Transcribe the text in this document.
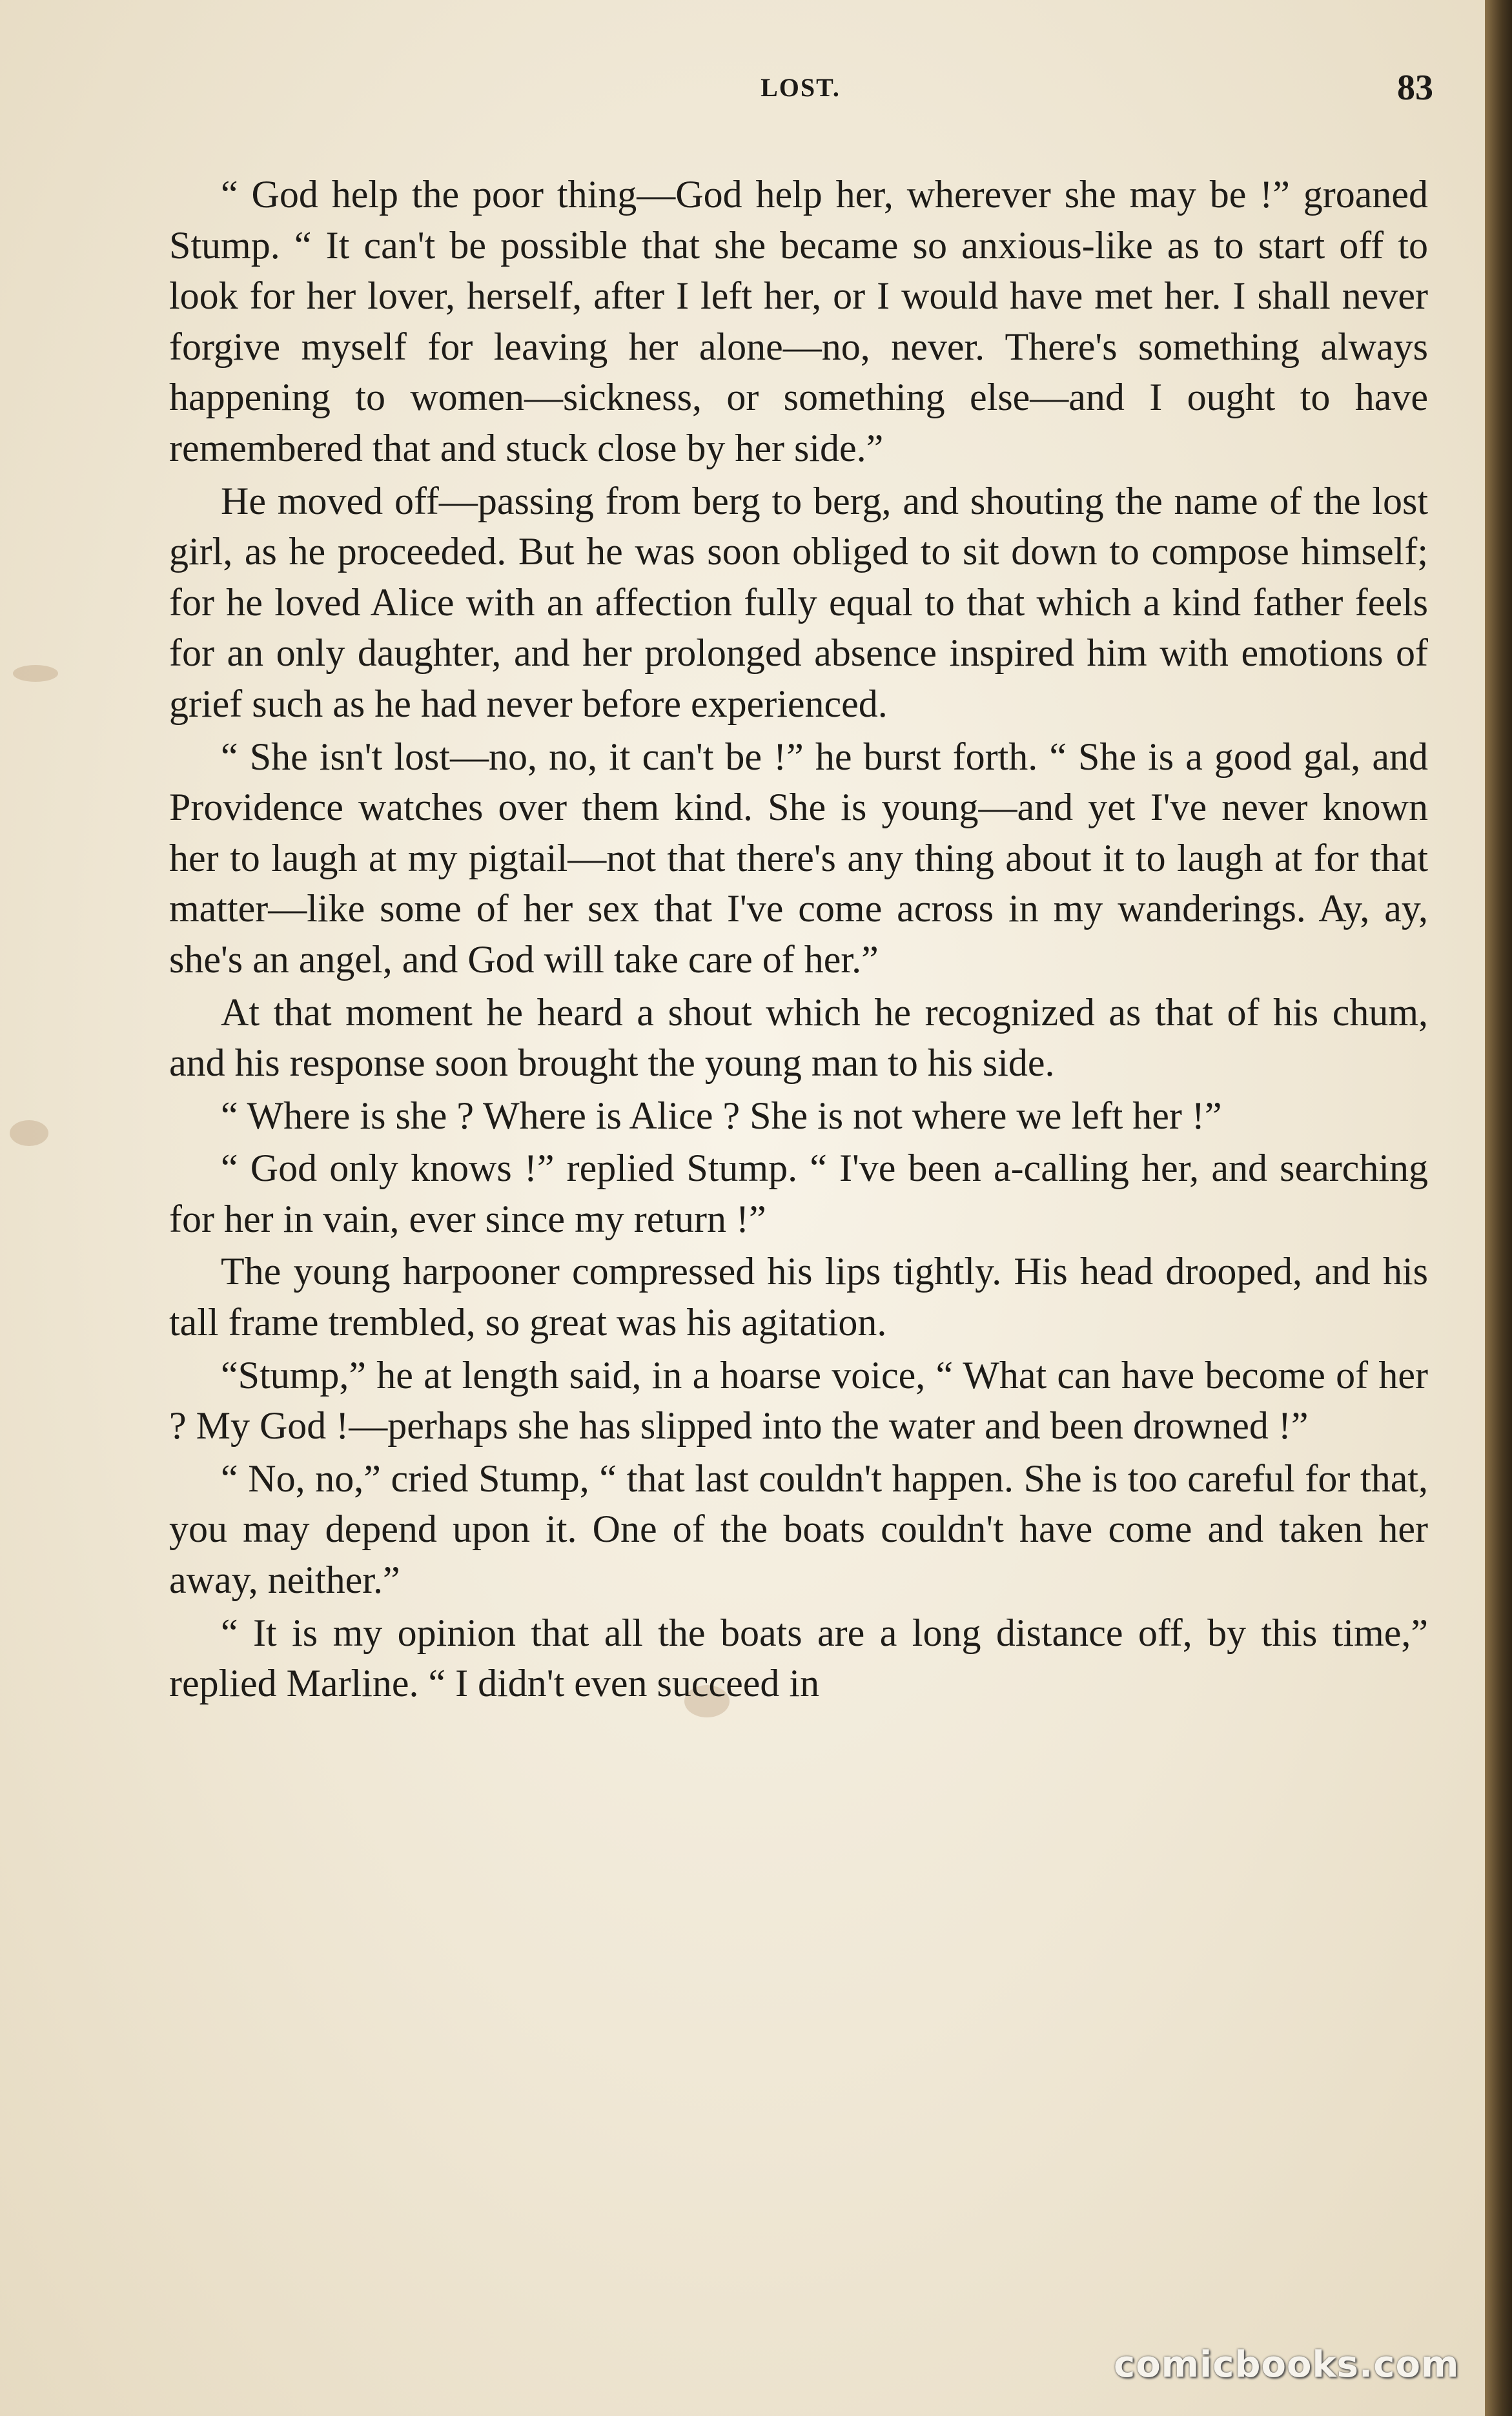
LOST.	83

“ God help the poor thing—God help her, wherever she may be !” groaned Stump. “ It can't be possible that she became so anxious-like as to start off to look for her lover, herself, after I left her, or I would have met her. I shall never forgive myself for leaving her alone—no, never. There's something always happening to women—sickness, or something else—and I ought to have remembered that and stuck close by her side.”

He moved off—passing from berg to berg, and shouting the name of the lost girl, as he proceeded. But he was soon obliged to sit down to compose himself; for he loved Alice with an affection fully equal to that which a kind father feels for an only daughter, and her prolonged absence inspired him with emotions of grief such as he had never before experienced.

“ She isn't lost—no, no, it can't be !” he burst forth. “ She is a good gal, and Providence watches over them kind. She is young—and yet I've never known her to laugh at my pigtail—not that there's any thing about it to laugh at for that matter—like some of her sex that I've come across in my wanderings. Ay, ay, she's an angel, and God will take care of her.”

At that moment he heard a shout which he recognized as that of his chum, and his response soon brought the young man to his side.

“ Where is she ? Where is Alice ? She is not where we left her !”

“ God only knows !” replied Stump. “ I've been a-calling her, and searching for her in vain, ever since my return !”

The young harpooner compressed his lips tightly. His head drooped, and his tall frame trembled, so great was his agitation.

“Stump,” he at length said, in a hoarse voice, “ What can have become of her ? My God !—perhaps she has slipped into the water and been drowned !”

“ No, no,” cried Stump, “ that last couldn't happen. She is too careful for that, you may depend upon it. One of the boats couldn't have come and taken her away, neither.”

“ It is my opinion that all the boats are a long distance off, by this time,” replied Marline. “ I didn't even succeed in

comicbooks.com
